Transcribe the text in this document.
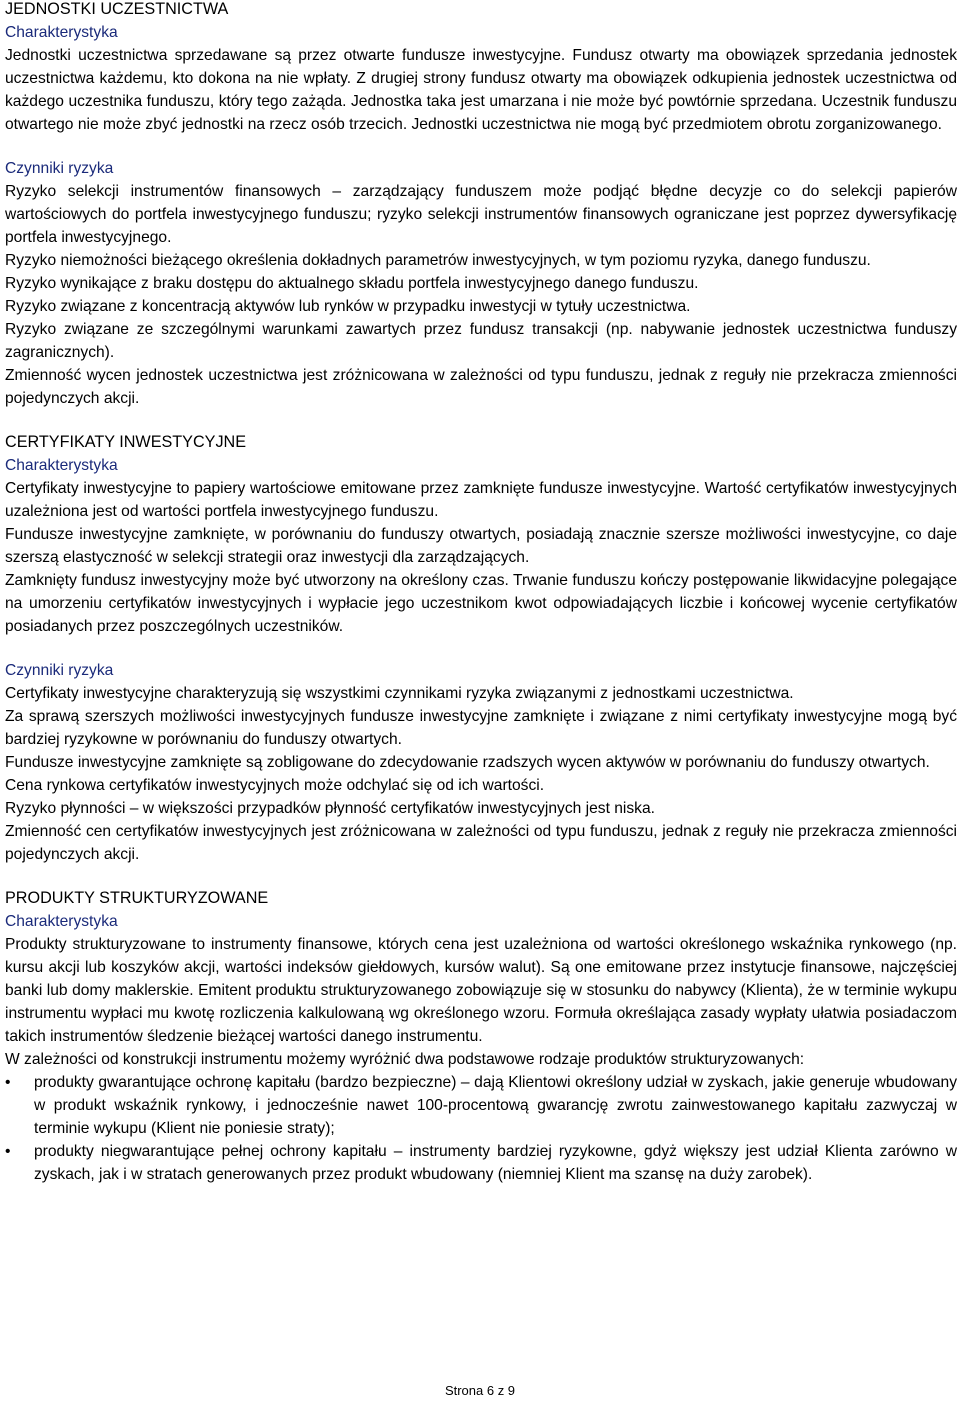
JEDNOSTKI UCZESTNICTWA
Charakterystyka

Jednostki uczestnictwa sprzedawane są przez otwarte fundusze inwestycyjne. Fundusz otwarty ma obowiązek sprzedania jednostek uczestnictwa każdemu, kto dokona na nie wpłaty. Z drugiej strony fundusz otwarty ma obowiązek odkupienia jednostek uczestnictwa od każdego uczestnika funduszu, który tego zażąda. Jednostka taka jest umarzana i nie może być powtórnie sprzedana. Uczestnik funduszu otwartego nie może zbyć jednostki na rzecz osób trzecich. Jednostki uczestnictwa nie mogą być przedmiotem obrotu zorganizowanego.

Czynniki ryzyka

Ryzyko selekcji instrumentów finansowych – zarządzający funduszem może podjąć błędne decyzje co do selekcji papierów wartościowych do portfela inwestycyjnego funduszu; ryzyko selekcji instrumentów finansowych ograniczane jest poprzez dywersyfikację portfela inwestycyjnego.

Ryzyko niemożności bieżącego określenia dokładnych parametrów inwestycyjnych, w tym poziomu ryzyka, danego funduszu.

Ryzyko wynikające z braku dostępu do aktualnego składu portfela inwestycyjnego danego funduszu.

Ryzyko związane z koncentracją aktywów lub rynków w przypadku inwestycji w tytuły uczestnictwa.

Ryzyko związane ze szczególnymi warunkami zawartych przez fundusz transakcji (np. nabywanie jednostek uczestnictwa funduszy zagranicznych).

Zmienność wycen jednostek uczestnictwa jest zróżnicowana w zależności od typu funduszu, jednak z reguły nie przekracza zmienności pojedynczych akcji.

CERTYFIKATY INWESTYCYJNE
Charakterystyka

Certyfikaty inwestycyjne to papiery wartościowe emitowane przez zamknięte fundusze inwestycyjne. Wartość certyfikatów inwestycyjnych uzależniona jest od wartości portfela inwestycyjnego funduszu.

Fundusze inwestycyjne zamknięte, w porównaniu do funduszy otwartych, posiadają znacznie szersze możliwości inwestycyjne, co daje szerszą elastyczność w selekcji strategii oraz inwestycji dla zarządzających.

Zamknięty fundusz inwestycyjny może być utworzony na określony czas. Trwanie funduszu kończy postępowanie likwidacyjne polegające na umorzeniu certyfikatów inwestycyjnych i wypłacie jego uczestnikom kwot odpowiadających liczbie i końcowej wycenie certyfikatów posiadanych przez poszczególnych uczestników.

Czynniki ryzyka

Certyfikaty inwestycyjne charakteryzują się wszystkimi czynnikami ryzyka związanymi z jednostkami uczestnictwa.

Za sprawą szerszych możliwości inwestycyjnych fundusze inwestycyjne zamknięte i związane z nimi certyfikaty inwestycyjne mogą być bardziej ryzykowne w porównaniu do funduszy otwartych.

Fundusze inwestycyjne zamknięte są zobligowane do zdecydowanie rzadszych wycen aktywów w porównaniu do funduszy otwartych.

Cena rynkowa certyfikatów inwestycyjnych może odchylać się od ich wartości.

Ryzyko płynności – w większości przypadków płynność certyfikatów inwestycyjnych jest niska.

Zmienność cen certyfikatów inwestycyjnych jest zróżnicowana w zależności od typu funduszu, jednak z reguły nie przekracza zmienności pojedynczych akcji.

PRODUKTY STRUKTURYZOWANE
Charakterystyka

Produkty strukturyzowane to instrumenty finansowe, których cena jest uzależniona od wartości określonego wskaźnika rynkowego (np. kursu akcji lub koszyków akcji, wartości indeksów giełdowych, kursów walut). Są one emitowane przez instytucje finansowe, najczęściej banki lub domy maklerskie. Emitent produktu strukturyzowanego zobowiązuje się w stosunku do nabywcy (Klienta), że w terminie wykupu instrumentu wypłaci mu kwotę rozliczenia kalkulowaną wg określonego wzoru. Formuła określająca zasady wypłaty ułatwia posiadaczom takich instrumentów śledzenie bieżącej wartości danego instrumentu.

W zależności od konstrukcji instrumentu możemy wyróżnić dwa podstawowe rodzaje produktów strukturyzowanych:

• produkty gwarantujące ochronę kapitału (bardzo bezpieczne) – dają Klientowi określony udział w zyskach, jakie generuje wbudowany w produkt wskaźnik rynkowy, i jednocześnie nawet 100-procentową gwarancję zwrotu zainwestowanego kapitału zazwyczaj w terminie wykupu (Klient nie poniesie straty);
• produkty niegwarantujące pełnej ochrony kapitału – instrumenty bardziej ryzykowne, gdyż większy jest udział Klienta zarówno w zyskach, jak i w stratach generowanych przez produkt wbudowany (niemniej Klient ma szansę na duży zarobek).
Strona 6 z 9
